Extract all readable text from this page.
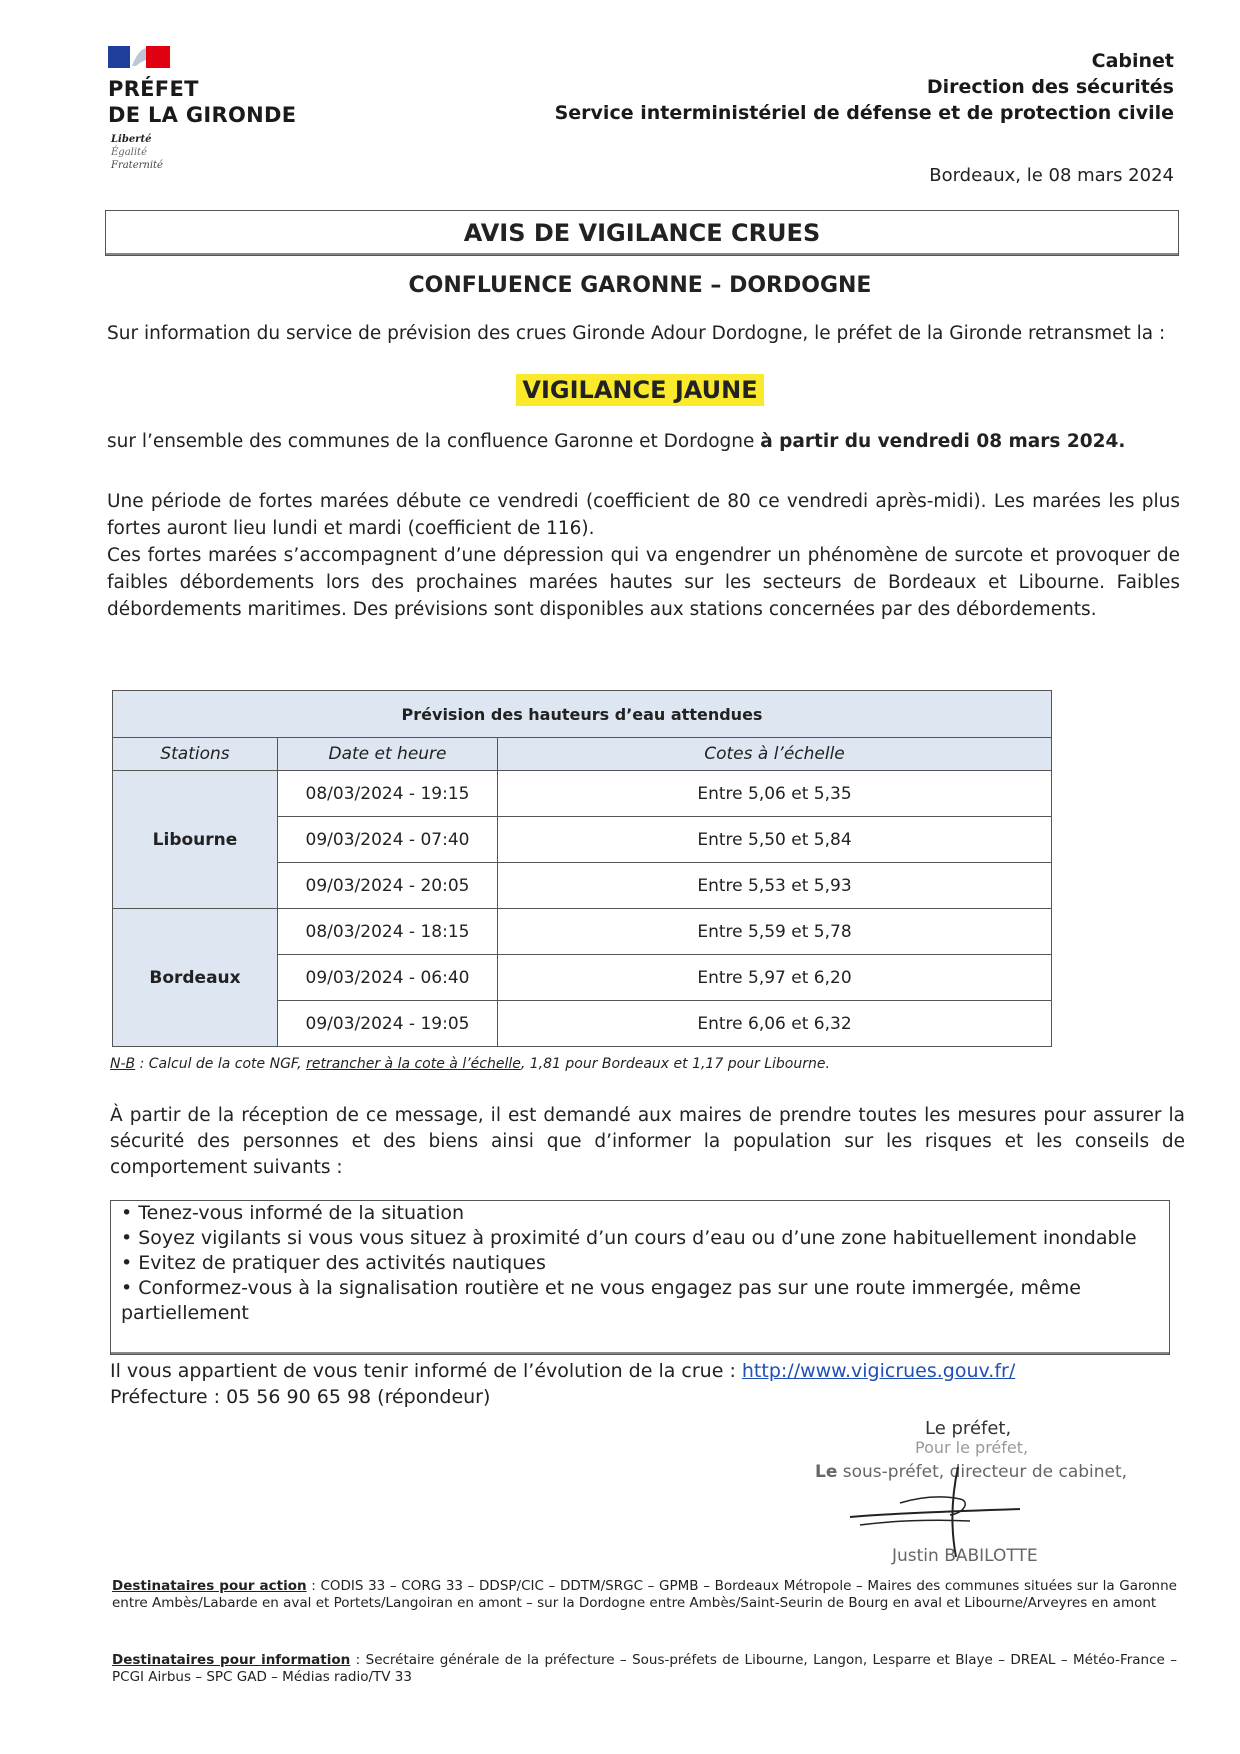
PRÉFET
DE LA GIRONDE
Liberté
Égalité
Fraternité
Cabinet
Direction des sécurités
Service interministériel de défense et de protection civile
Bordeaux, le 08 mars 2024
AVIS DE VIGILANCE CRUES
CONFLUENCE GARONNE – DORDOGNE
Sur information du service de prévision des crues Gironde Adour Dordogne, le préfet de la Gironde retransmet la :
VIGILANCE JAUNE
sur l’ensemble des communes de la confluence Garonne et Dordogne à partir du vendredi 08 mars 2024.
Une période de fortes marées débute ce vendredi (coefficient de 80 ce vendredi après-midi). Les marées les plus fortes auront lieu lundi et mardi (coefficient de 116).
Ces fortes marées s’accompagnent d’une dépression qui va engendrer un phénomène de surcote et provoquer de faibles débordements lors des prochaines marées hautes sur les secteurs de Bordeaux et Libourne. Faibles débordements maritimes. Des prévisions sont disponibles aux stations concernées par des débordements.
Prévision des hauteurs d’eau attendues		
Stations	Date et heure	Cotes à l’échelle
Libourne	08/03/2024 - 19:15	Entre 5,06 et 5,35
	09/03/2024 - 07:40	Entre 5,50 et 5,84
	09/03/2024 - 20:05	Entre 5,53 et 5,93
Bordeaux	08/03/2024 - 18:15	Entre 5,59 et 5,78
	09/03/2024 - 06:40	Entre 5,97 et 6,20
	09/03/2024 - 19:05	Entre 6,06 et 6,32
N-B : Calcul de la cote NGF, retrancher à la cote à l’échelle, 1,81 pour Bordeaux et 1,17 pour Libourne.
À partir de la réception de ce message, il est demandé aux maires de prendre toutes les mesures pour assurer la sécurité des personnes et des biens ainsi que d’informer la population sur les risques et les conseils de comportement suivants :

• Tenez-vous informé de la situation

• Soyez vigilants si vous vous situez à proximité d’un cours d’eau ou d’une zone habituellement inondable

• Evitez de pratiquer des activités nautiques

• Conformez-vous à la signalisation routière et ne vous engagez pas sur une route immergée, même partiellement

Il vous appartient de vous tenir informé de l’évolution de la crue : http://www.vigicrues.gouv.fr/
Préfecture : 05 56 90 65 98 (répondeur)
Le préfet,
Pour le préfet,
Le sous-préfet, directeur de cabinet,
Justin BABILOTTE
Destinataires pour action : CODIS 33 – CORG 33 – DDSP/CIC – DDTM/SRGC – GPMB – Bordeaux Métropole – Maires des communes situées sur la Garonne entre Ambès/Labarde en aval et Portets/Langoiran en amont – sur la Dordogne entre Ambès/Saint-Seurin de Bourg en aval et Libourne/Arveyres en amont
Destinataires pour information : Secrétaire générale de la préfecture – Sous-préfets de Libourne, Langon, Lesparre et Blaye – DREAL – Météo-France – PCGI Airbus – SPC GAD – Médias radio/TV 33
